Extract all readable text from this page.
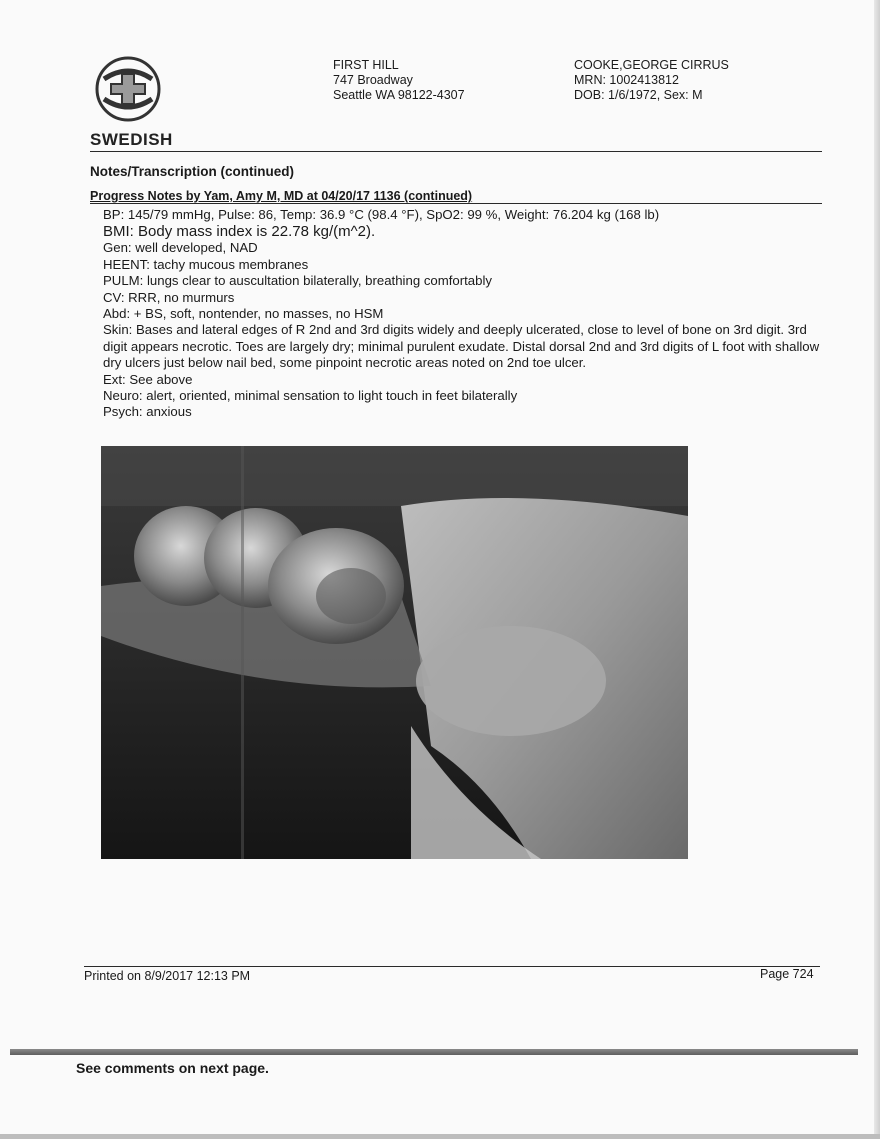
SWEDISH
FIRST HILL
747 Broadway
Seattle WA 98122-4307
COOKE,GEORGE CIRRUS
MRN: 1002413812
DOB: 1/6/1972, Sex: M
Notes/Transcription (continued)
Progress Notes by Yam, Amy M, MD at 04/20/17 1136 (continued)
BP: 145/79 mmHg, Pulse: 86, Temp: 36.9 °C (98.4 °F), SpO2: 99 %, Weight: 76.204 kg (168 lb)
BMI: Body mass index is 22.78 kg/(m^2).
Gen: well developed, NAD
HEENT: tachy mucous membranes
PULM: lungs clear to auscultation bilaterally, breathing comfortably
CV: RRR, no murmurs
Abd: + BS, soft, nontender, no masses, no HSM
Skin: Bases and lateral edges of R 2nd and 3rd digits widely and deeply ulcerated, close to level of bone on 3rd digit. 3rd digit appears necrotic. Toes are largely dry; minimal purulent exudate. Distal dorsal 2nd and 3rd digits of L foot with shallow dry ulcers just below nail bed, some pinpoint necrotic areas noted on 2nd toe ulcer.
Ext: See above
Neuro: alert, oriented, minimal sensation to light touch in feet bilaterally
Psych: anxious
Printed on 8/9/2017 12:13 PM	Page 724
See comments on next page.
